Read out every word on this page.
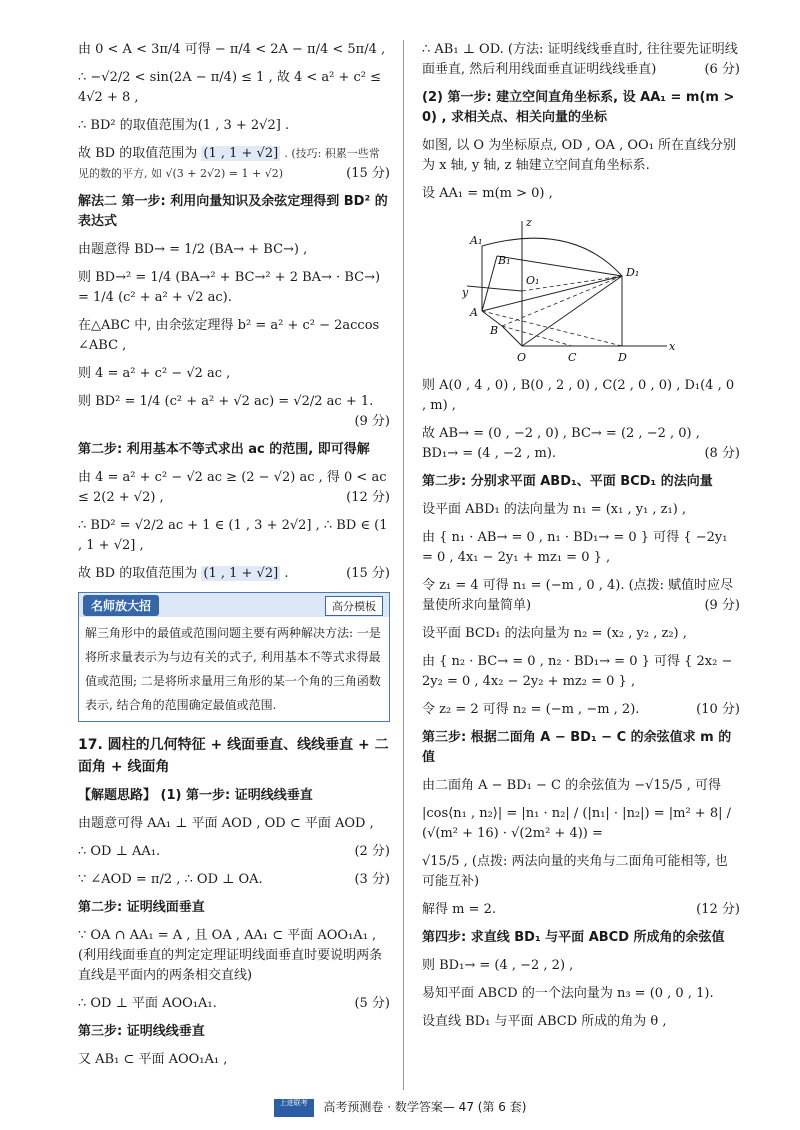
由 0 < A < 3π/4 可得 − π/4 < 2A − π/4 < 5π/4 ,

∴ −√2/2 < sin(2A − π/4) ≤ 1 , 故 4 < a² + c² ≤ 4√2 + 8 ,

∴ BD² 的取值范围为(1 , 3 + 2√2] .

故 BD 的取值范围为 (1 , 1 + √2] . (技巧: 积累一些常见的数的平方, 如 √(3 + 2√2) = 1 + √2)	(15 分)

解法二 第一步: 利用向量知识及余弦定理得到 BD² 的表达式

由题意得 BD→ = 1/2 (BA→ + BC→) ,

则 BD→² = 1/4 (BA→² + BC→² + 2 BA→ · BC→) = 1/4 (c² + a² + √2 ac).

在△ABC 中, 由余弦定理得 b² = a² + c² − 2accos ∠ABC ,

则 4 = a² + c² − √2 ac ,

则 BD² = 1/4 (c² + a² + √2 ac) = √2/2 ac + 1.
(9 分)

第二步: 利用基本不等式求出 ac 的范围, 即可得解

由 4 = a² + c² − √2 ac ≥ (2 − √2) ac , 得 0 < ac ≤ 2(2 + √2) ,	(12 分)

∴ BD² = √2/2 ac + 1 ∈ (1 , 3 + 2√2] , ∴ BD ∈ (1 , 1 + √2] ,

故 BD 的取值范围为 (1 , 1 + √2] .	(15 分)

名师放大招	高分模板
解三角形中的最值或范围问题主要有两种解决方法: 一是将所求量表示为与边有关的式子, 利用基本不等式求得最值或范围; 二是将所求量用三角形的某一个角的三角函数表示, 结合角的范围确定最值或范围.

17. 圆柱的几何特征 + 线面垂直、线线垂直 + 二面角 + 线面角

【解题思路】 (1) 第一步: 证明线线垂直

由题意可得 AA₁ ⊥ 平面 AOD , OD ⊂ 平面 AOD ,

∴ OD ⊥ AA₁.	(2 分)

∵ ∠AOD = π/2 , ∴ OD ⊥ OA.	(3 分)

第二步: 证明线面垂直

∵ OA ∩ AA₁ = A , 且 OA , AA₁ ⊂ 平面 AOO₁A₁ , (利用线面垂直的判定定理证明线面垂直时要说明两条直线是平面内的两条相交直线)

∴ OD ⊥ 平面 AOO₁A₁.	(5 分)

第三步: 证明线线垂直

又 AB₁ ⊂ 平面 AOO₁A₁ ,

∴ AB₁ ⊥ OD. (方法: 证明线线垂直时, 往往要先证明线面垂直, 然后利用线面垂直证明线线垂直)	(6 分)

(2) 第一步: 建立空间直角坐标系, 设 AA₁ = m(m > 0) , 求相关点、相关向量的坐标

如图, 以 O 为坐标原点, OD , OA , OO₁ 所在直线分别为 x 轴, y 轴, z 轴建立空间直角坐标系.

设 AA₁ = m(m > 0) ,

z
y
x
A₁
B₁
O₁
D₁
A
B
O	C	D

则 A(0 , 4 , 0) , B(0 , 2 , 0) , C(2 , 0 , 0) , D₁(4 , 0 , m) ,

故 AB→ = (0 , −2 , 0) , BC→ = (2 , −2 , 0) , BD₁→ = (4 , −2 , m).	(8 分)

第二步: 分别求平面 ABD₁、平面 BCD₁ 的法向量

设平面 ABD₁ 的法向量为 n₁ = (x₁ , y₁ , z₁) ,

由 { n₁ · AB→ = 0 , n₁ · BD₁→ = 0 } 可得 { −2y₁ = 0 , 4x₁ − 2y₁ + mz₁ = 0 } ,

令 z₁ = 4 可得 n₁ = (−m , 0 , 4). (点拨: 赋值时应尽量使所求向量简单)	(9 分)

设平面 BCD₁ 的法向量为 n₂ = (x₂ , y₂ , z₂) ,

由 { n₂ · BC→ = 0 , n₂ · BD₁→ = 0 } 可得 { 2x₂ − 2y₂ = 0 , 4x₂ − 2y₂ + mz₂ = 0 } ,

令 z₂ = 2 可得 n₂ = (−m , −m , 2).	(10 分)

第三步: 根据二面角 A − BD₁ − C 的余弦值求 m 的值

由二面角 A − BD₁ − C 的余弦值为 −√15/5 , 可得

|cos⟨n₁ , n₂⟩| = |n₁ · n₂| / (|n₁| · |n₂|) = |m² + 8| / (√(m² + 16) · √(2m² + 4)) =

√15/5 , (点拨: 两法向量的夹角与二面角可能相等, 也可能互补)

解得 m = 2.	(12 分)

第四步: 求直线 BD₁ 与平面 ABCD 所成角的余弦值

则 BD₁→ = (4 , −2 , 2) ,

易知平面 ABCD 的一个法向量为 n₃ = (0 , 0 , 1).

设直线 BD₁ 与平面 ABCD 所成的角为 θ ,

上进联考 高考预测卷 · 数学答案— 47 (第 6 套)
